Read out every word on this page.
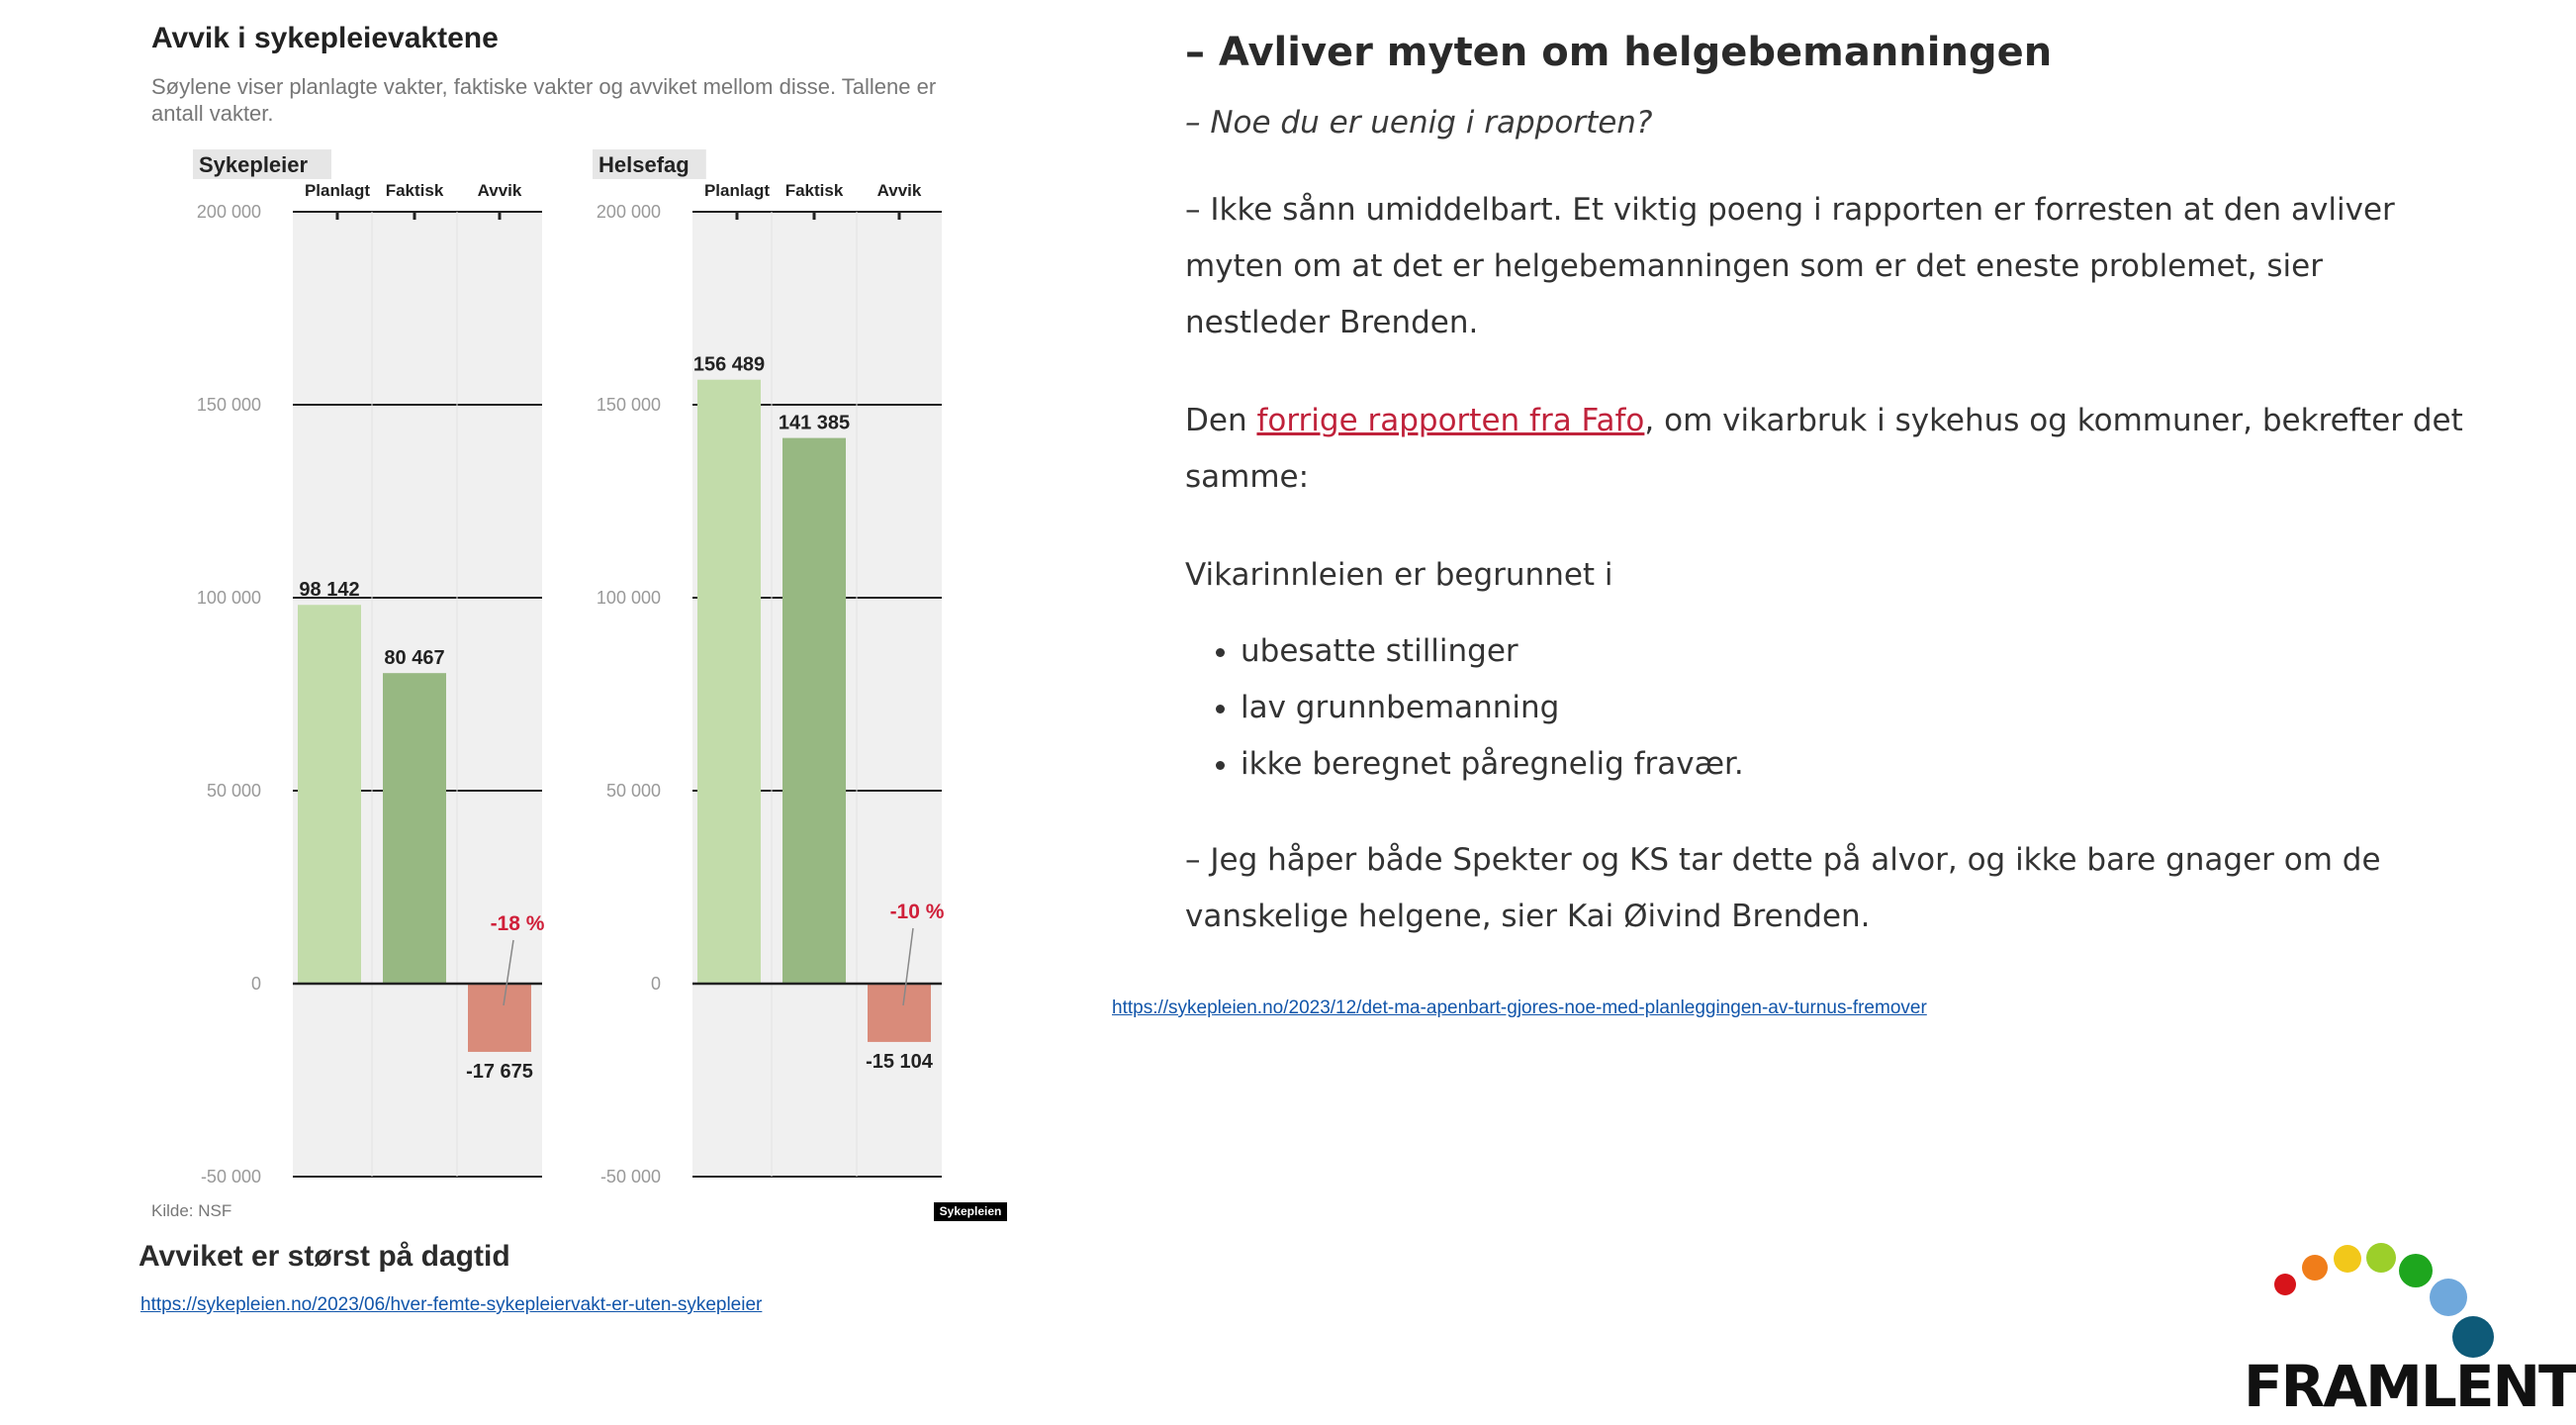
Avvik i sykepleievaktene
Søylene viser planlagte vakter, faktiske vakter og avviket mellom disse. Tallene er antall vakter.
Sykepleier
200 000
150 000
100 000
50 000
0
-50 000
Planlagt Faktisk Avvik
98 142
80 467
-17 675
-18 %
Helsefag
200 000
150 000
100 000
50 000
0
-50 000
Planlagt Faktisk Avvik
156 489
141 385
-15 104
-10 %
Kilde: NSF	Sykepleien
Avviket er størst på dagtid
https://sykepleien.no/2023/06/hver-femte-sykepleiervakt-er-uten-sykepleier
– Avliver myten om helgebemanningen
– Noe du er uenig i rapporten?

– Ikke sånn umiddelbart. Et viktig poeng i rapporten er forresten at den avliver myten om at det er helgebemanningen som er det eneste problemet, sier nestleder Brenden.

Den forrige rapporten fra Fafo, om vikarbruk i sykehus og kommuner, bekrefter det samme:

Vikarinnleien er begrunnet i

• ubesatte stillinger
• lav grunnbemanning
• ikke beregnet påregnelig fravær.

– Jeg håper både Spekter og KS tar dette på alvor, og ikke bare gnager om de vanskelige helgene, sier Kai Øivind Brenden.

https://sykepleien.no/2023/12/det-ma-apenbart-gjores-noe-med-planleggingen-av-turnus-fremover
FRAMLENT
